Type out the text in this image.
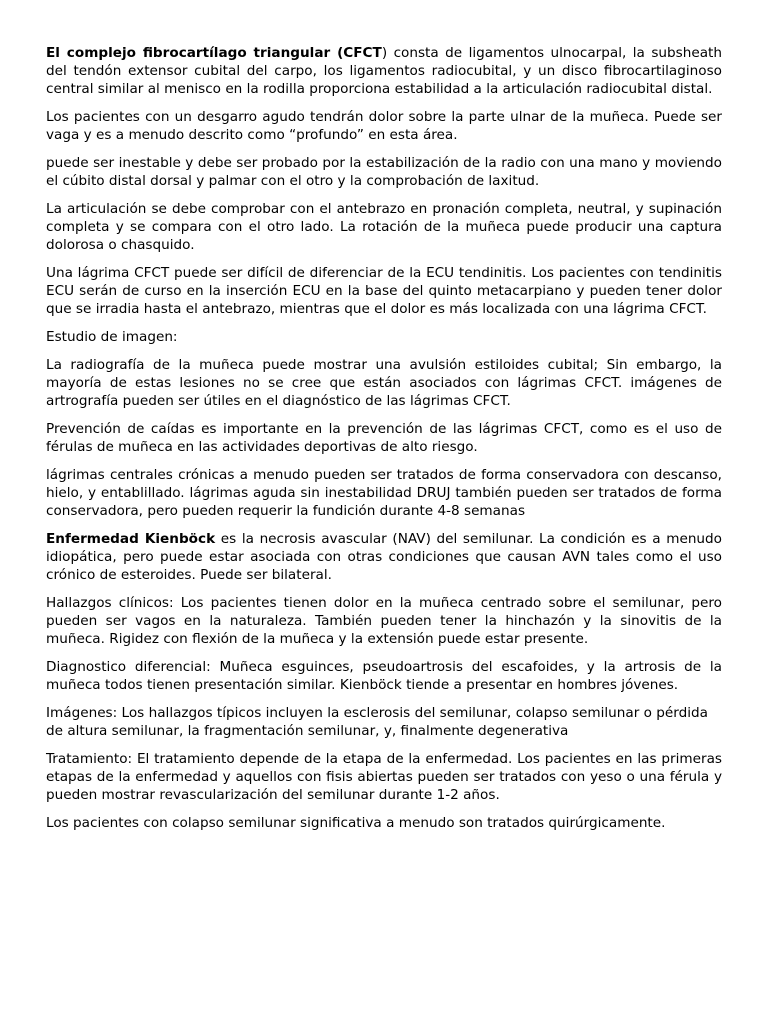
El complejo fibrocartílago triangular (CFCT) consta de ligamentos ulnocarpal, la subsheath del tendón extensor cubital del carpo, los ligamentos radiocubital, y un disco fibrocartilaginoso central similar al menisco en la rodilla proporciona estabilidad a la articulación radiocubital distal.

Los pacientes con un desgarro agudo tendrán dolor sobre la parte ulnar de la muñeca. Puede ser vaga y es a menudo descrito como “profundo” en esta área.

puede ser inestable y debe ser probado por la estabilización de la radio con una mano y moviendo el cúbito distal dorsal y palmar con el otro y la comprobación de laxitud.

La articulación se debe comprobar con el antebrazo en pronación completa, neutral, y supinación completa y se compara con el otro lado. La rotación de la muñeca puede producir una captura dolorosa o chasquido.

Una lágrima CFCT puede ser difícil de diferenciar de la ECU tendinitis. Los pacientes con tendinitis ECU serán de curso en la inserción ECU en la base del quinto metacarpiano y pueden tener dolor que se irradia hasta el antebrazo, mientras que el dolor es más localizada con una lágrima CFCT.

Estudio de imagen:

La radiografía de la muñeca puede mostrar una avulsión estiloides cubital; Sin embargo, la mayoría de estas lesiones no se cree que están asociados con lágrimas CFCT. imágenes de artrografía pueden ser útiles en el diagnóstico de las lágrimas CFCT.

Prevención de caídas es importante en la prevención de las lágrimas CFCT, como es el uso de férulas de muñeca en las actividades deportivas de alto riesgo.

lágrimas centrales crónicas a menudo pueden ser tratados de forma conservadora con descanso, hielo, y entablillado. lágrimas aguda sin inestabilidad DRUJ también pueden ser tratados de forma conservadora, pero pueden requerir la fundición durante 4-8 semanas

Enfermedad Kienböck es la necrosis avascular (NAV) del semilunar. La condición es a menudo idiopática, pero puede estar asociada con otras condiciones que causan AVN tales como el uso crónico de esteroides. Puede ser bilateral.

Hallazgos clínicos: Los pacientes tienen dolor en la muñeca centrado sobre el semilunar, pero pueden ser vagos en la naturaleza. También pueden tener la hinchazón y la sinovitis de la muñeca. Rigidez con flexión de la muñeca y la extensión puede estar presente.

Diagnostico diferencial: Muñeca esguinces, pseudoartrosis del escafoides, y la artrosis de la muñeca todos tienen presentación similar. Kienböck tiende a presentar en hombres jóvenes.

Imágenes: Los hallazgos típicos incluyen la esclerosis del semilunar, colapso semilunar o pérdida de altura semilunar, la fragmentación semilunar, y, finalmente degenerativa

Tratamiento: El tratamiento depende de la etapa de la enfermedad. Los pacientes en las primeras etapas de la enfermedad y aquellos con fisis abiertas pueden ser tratados con yeso o una férula y pueden mostrar revascularización del semilunar durante 1-2 años.

Los pacientes con colapso semilunar significativa a menudo son tratados quirúrgicamente.
